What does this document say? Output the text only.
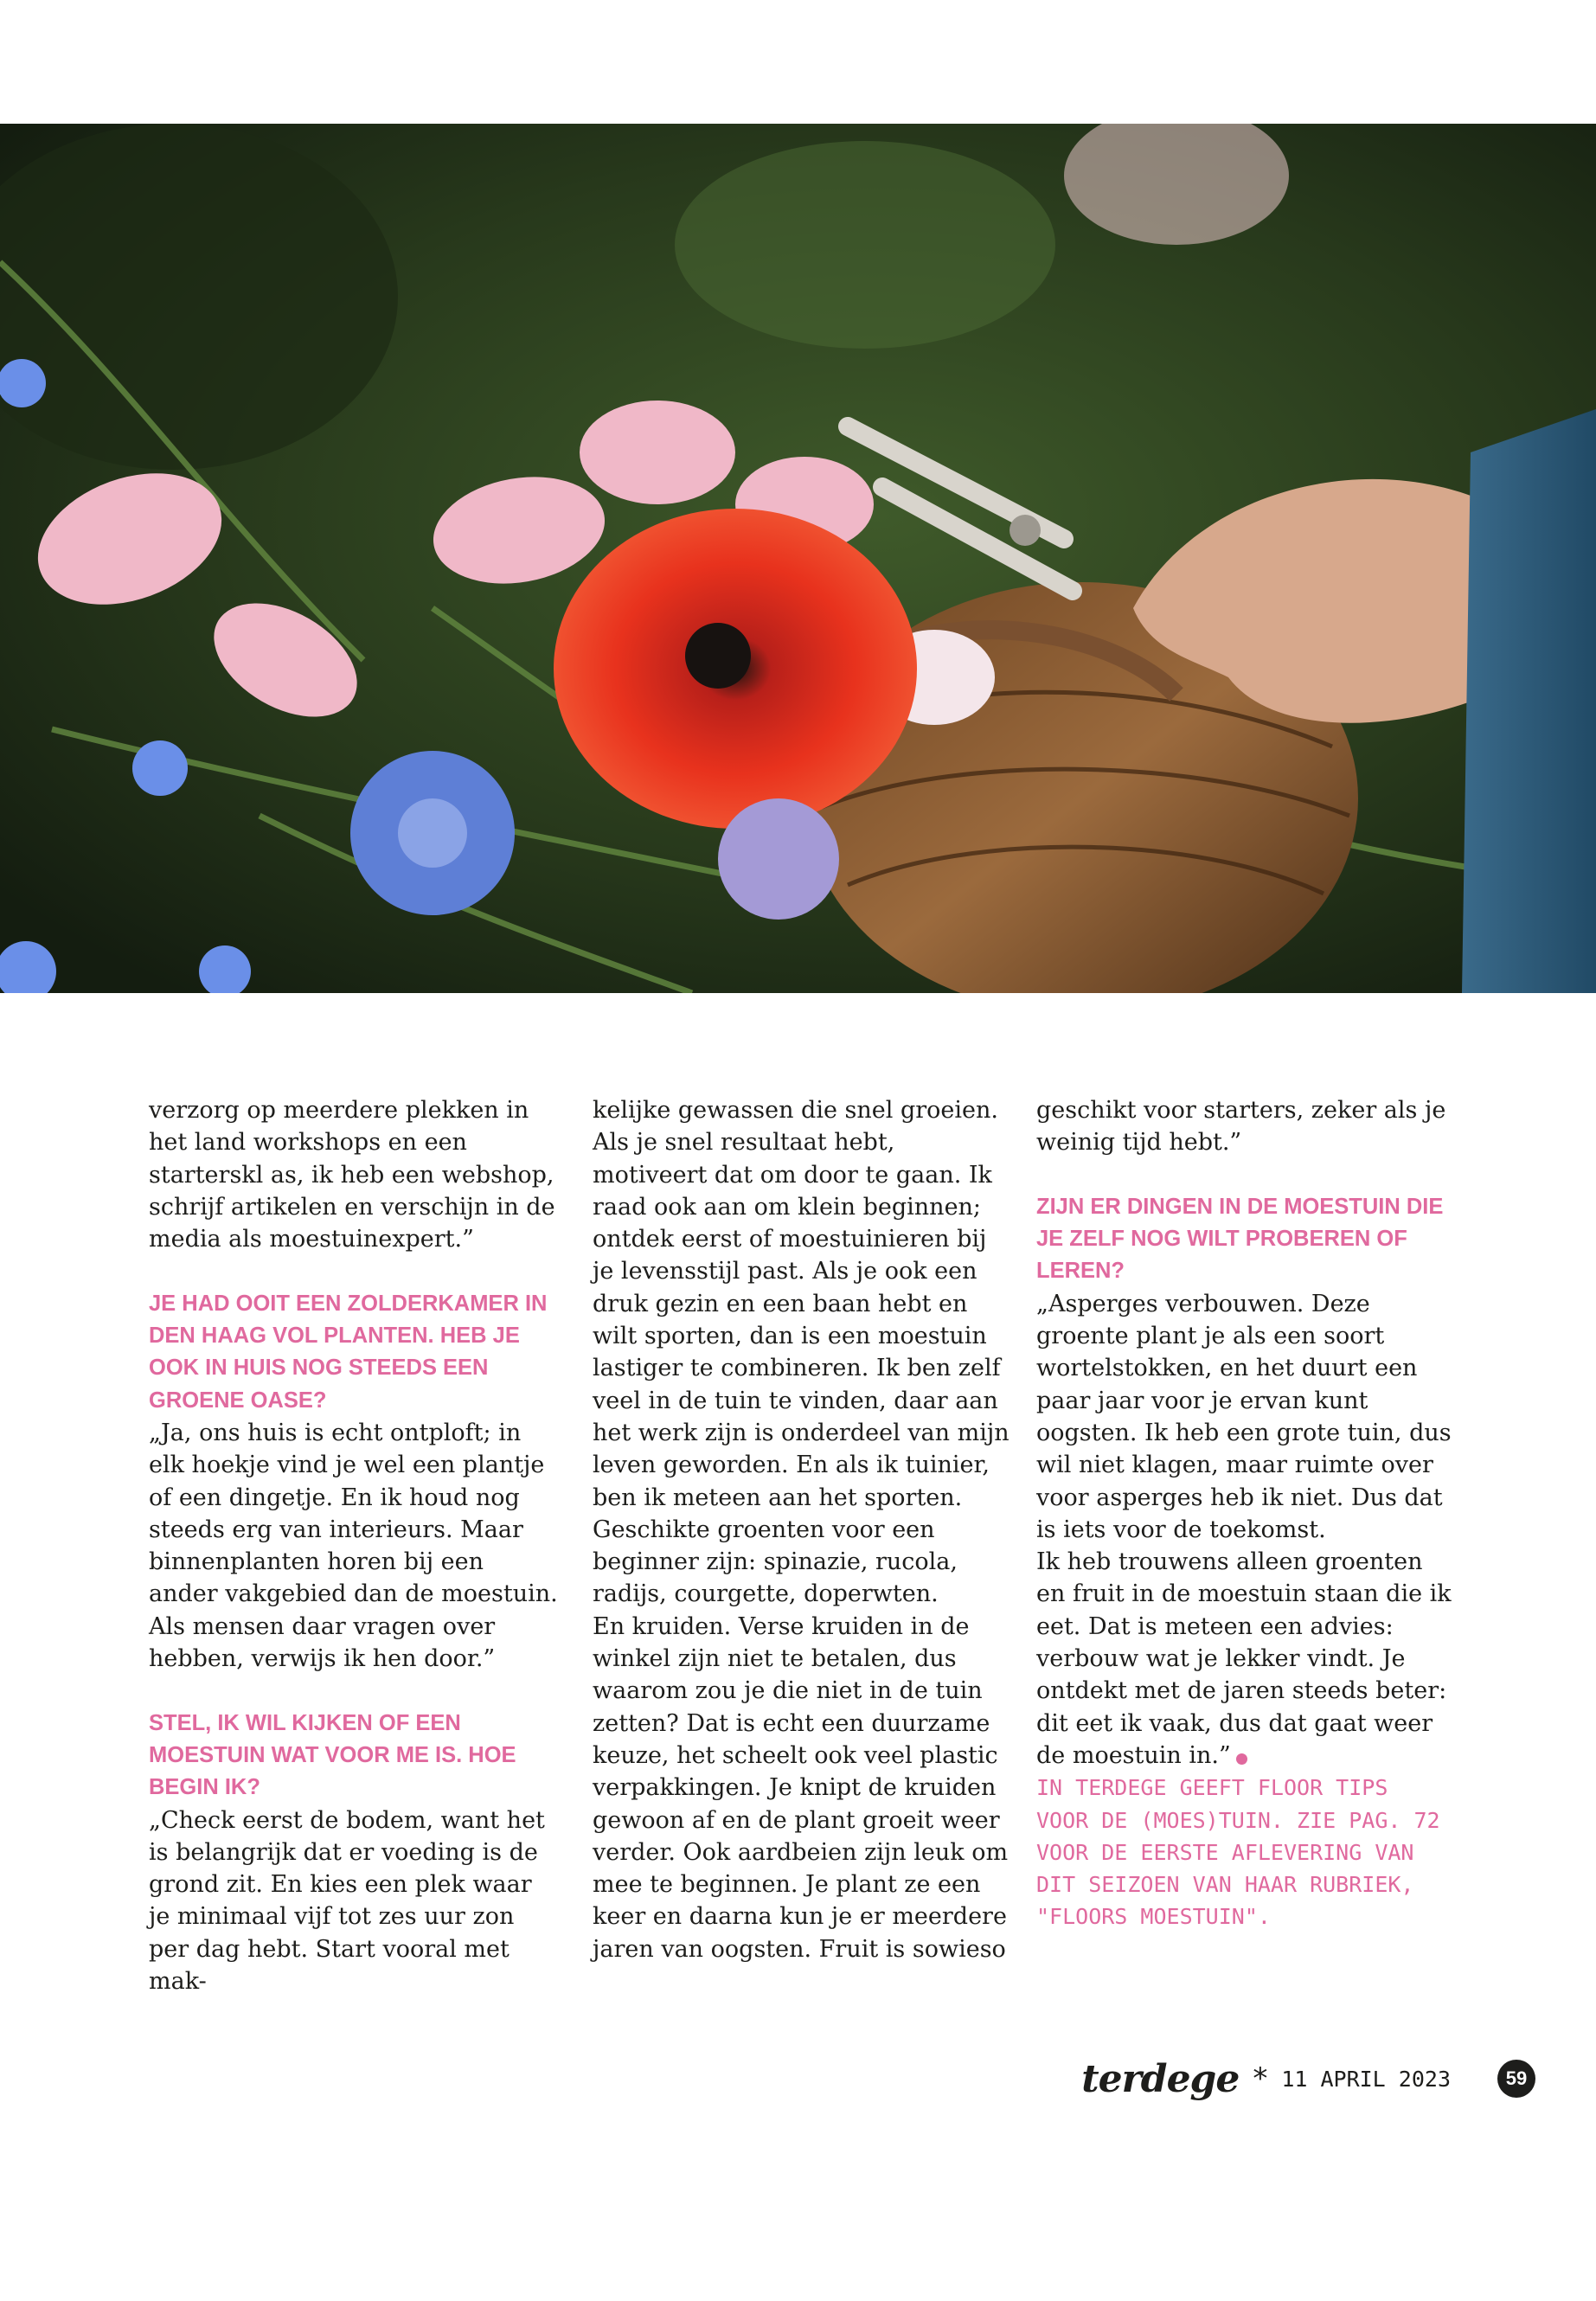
verzorg op meerdere plekken in het land workshops en een starterskl as, ik heb een webshop, schrijf artikelen en verschijn in de media als moestuinexpert.”

JE HAD OOIT EEN ZOLDERKAMER IN DEN HAAG VOL PLANTEN. HEB JE OOK IN HUIS NOG STEEDS EEN GROENE OASE?

„Ja, ons huis is echt ontploft; in elk hoekje vind je wel een plantje of een dingetje. En ik houd nog steeds erg van interieurs. Maar binnenplanten horen bij een ander vakgebied dan de moestuin. Als mensen daar vragen over hebben, verwijs ik hen door.”

STEL, IK WIL KIJKEN OF EEN MOESTUIN WAT VOOR ME IS. HOE BEGIN IK?

„Check eerst de bodem, want het is belangrijk dat er voeding is de grond zit. En kies een plek waar je minimaal vijf tot zes uur zon per dag hebt. Start vooral met mak-

kelijke gewassen die snel groeien. Als je snel resultaat hebt, motiveert dat om door te gaan. Ik raad ook aan om klein beginnen; ontdek eerst of moestuinieren bij je levensstijl past. Als je ook een druk gezin en een baan hebt en wilt sporten, dan is een moestuin lastiger te combineren. Ik ben zelf veel in de tuin te vinden, daar aan het werk zijn is onderdeel van mijn leven geworden. En als ik tuinier, ben ik meteen aan het sporten. Geschikte groenten voor een beginner zijn: spinazie, rucola, radijs, courgette, doperwten.

En kruiden. Verse kruiden in de winkel zijn niet te betalen, dus waarom zou je die niet in de tuin zetten? Dat is echt een duurzame keuze, het scheelt ook veel plastic verpakkingen. Je knipt de kruiden gewoon af en de plant groeit weer verder. Ook aardbeien zijn leuk om mee te beginnen. Je plant ze een keer en daarna kun je er meerdere jaren van oogsten. Fruit is sowieso

geschikt voor starters, zeker als je weinig tijd hebt.”

ZIJN ER DINGEN IN DE MOESTUIN DIE JE ZELF NOG WILT PROBEREN OF LEREN?

„Asperges verbouwen. Deze groente plant je als een soort wortelstokken, en het duurt een paar jaar voor je ervan kunt oogsten. Ik heb een grote tuin, dus wil niet klagen, maar ruimte over voor asperges heb ik niet. Dus dat is iets voor de toekomst.

Ik heb trouwens alleen groenten en fruit in de moestuin staan die ik eet. Dat is meteen een advies: verbouw wat je lekker vindt. Je ontdekt met de jaren steeds beter: dit eet ik vaak, dus dat gaat weer de moestuin in.”

IN TERDEGE GEEFT FLOOR TIPS VOOR DE (MOES)TUIN. ZIE PAG. 72 VOOR DE EERSTE AFLEVERING VAN DIT SEIZOEN VAN HAAR RUBRIEK, "FLOORS MOESTUIN".

terdege * 11 APRIL 2023	59
